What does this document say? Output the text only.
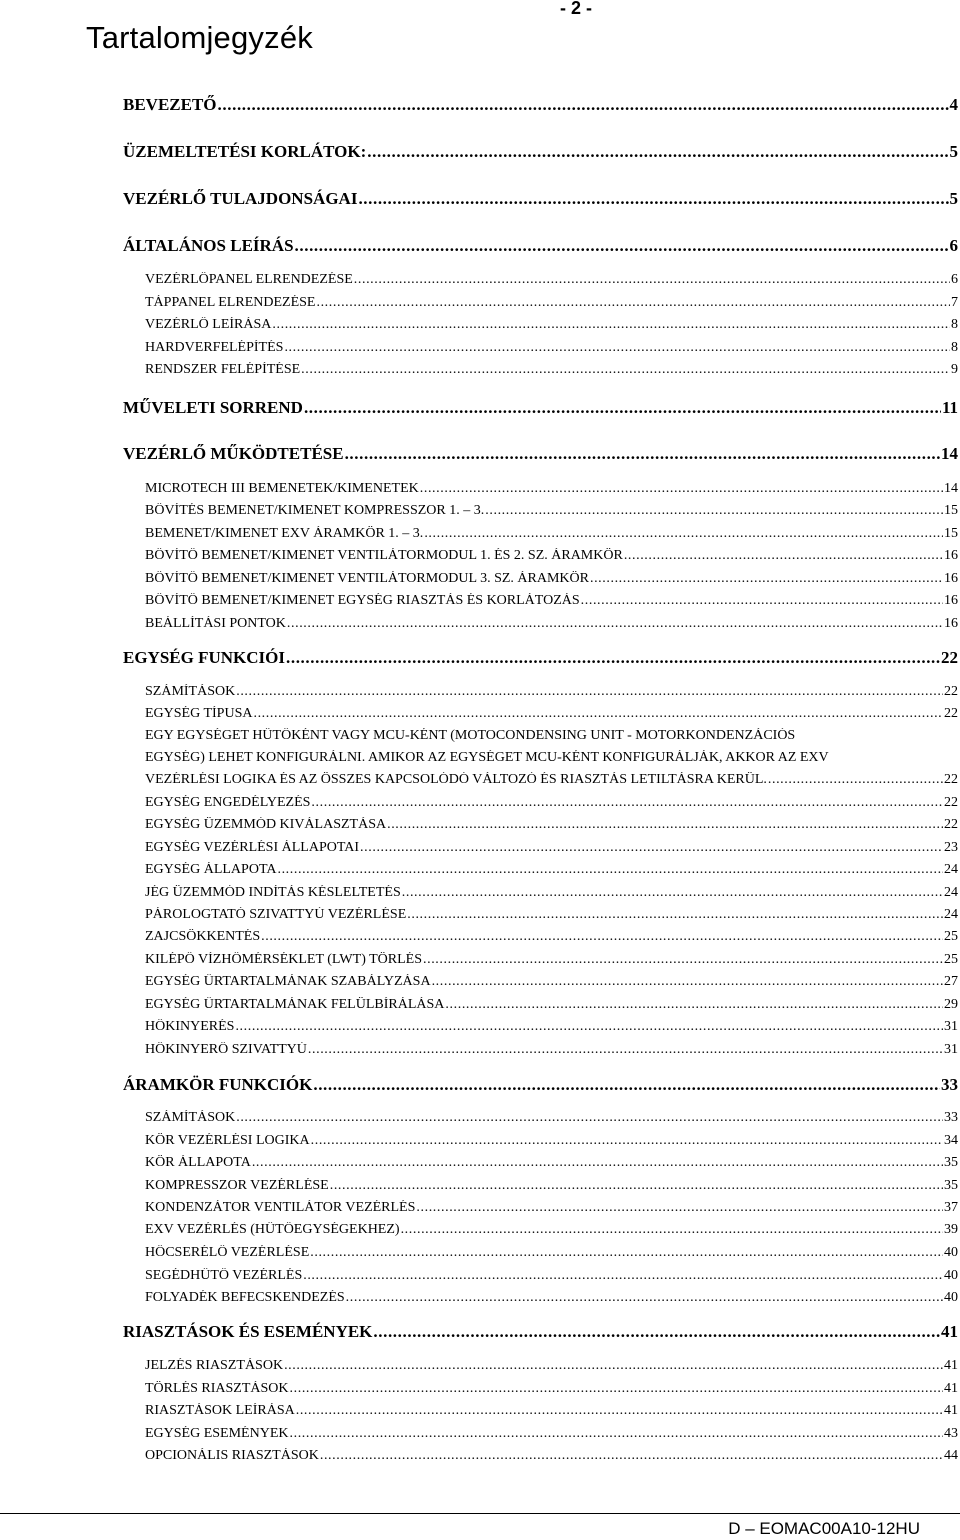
- 2 -
Tartalomjegyzék
BEVEZETŐ .....	4
ÜZEMELTETÉSI KORLÁTOK: .....	5
VEZÉRLŐ TULAJDONSÁGAI .....	5
ÁLTALÁNOS LEÍRÁS .....	6
VEZÉRLŐPANEL ELRENDEZÉSE .....	6
TÁPPANEL ELRENDEZÉSE .....	7
VEZÉRLŐ LEÍRÁSA .....	8
HARDVERFELÉPÍTÉS .....	8
RENDSZER FELÉPÍTÉSE .....	9
MŰVELETI SORREND .....	11
VEZÉRLŐ MŰKÖDTETÉSE .....	14
MICROTECH III BEMENETEK/KIMENETEK .....	14
BŐVÍTÉS BEMENET/KIMENET KOMPRESSZOR 1. – 3. .....	15
BEMENET/KIMENET EXV ÁRAMKÖR 1. – 3. .....	15
BŐVÍTŐ BEMENET/KIMENET VENTILÁTORMODUL 1. ÉS 2. SZ. ÁRAMKÖR .....	16
BŐVÍTŐ BEMENET/KIMENET VENTILÁTORMODUL 3. SZ. ÁRAMKÖR .....	16
BŐVÍTŐ BEMENET/KIMENET EGYSÉG RIASZTÁS ÉS KORLÁTOZÁS .....	16
BEÁLLÍTÁSI PONTOK .....	16
EGYSÉG FUNKCIÓI .....	22
SZÁMÍTÁSOK .....	22
EGYSÉG TÍPUSA .....	22
EGY EGYSÉGET HŰTŐKÉNT VAGY MCU-KÉNT (MOTOCONDENSING UNIT - MOTORKONDENZÁCIÓS
EGYSÉG) LEHET KONFIGURÁLNI. AMIKOR AZ EGYSÉGET MCU-KÉNT KONFIGURÁLJÁK, AKKOR AZ EXV
VEZÉRLÉSI LOGIKA ÉS AZ ÖSSZES KAPCSOLÓDÓ VÁLTOZÓ ÉS RIASZTÁS LETILTÁSRA KERÜL. .....	22
EGYSÉG ENGEDÉLYEZÉS .....	22
EGYSÉG ÜZEMMÓD KIVÁLASZTÁSA .....	22
EGYSÉG VEZÉRLÉSI ÁLLAPOTAI .....	23
EGYSÉG ÁLLAPOTA .....	24
JÉG ÜZEMMÓD INDÍTÁS KÉSLELTETÉS .....	24
PÁROLOGTATÓ SZIVATTYÚ VEZÉRLÉSE .....	24
ZAJCSÖKKENTÉS .....	25
KILÉPŐ VÍZHŐMÉRSÉKLET (LWT) TÖRLÉS .....	25
EGYSÉG ŰRTARTALMÁNAK SZABÁLYZÁSA .....	27
EGYSÉG ŰRTARTALMÁNAK FELÜLBÍRÁLÁSA .....	29
HŐKINYERÉS .....	31
HŐKINYERŐ SZIVATTYÚ .....	31
ÁRAMKÖR FUNKCIÓK .....	33
SZÁMÍTÁSOK .....	33
KÖR VEZÉRLÉSI LOGIKA .....	34
KÖR ÁLLAPOTA .....	35
KOMPRESSZOR VEZÉRLÉSE .....	35
KONDENZÁTOR VENTILÁTOR VEZÉRLÉS .....	37
EXV VEZÉRLÉS (HŰTŐEGYSÉGEKHEZ) .....	39
HŐCSERÉLŐ VEZÉRLÉSE .....	40
SEGÉDHŰTŐ VEZÉRLÉS .....	40
FOLYADÉK BEFECSKENDEZÉS .....	40
RIASZTÁSOK ÉS ESEMÉNYEK .....	41
JELZÉS RIASZTÁSOK .....	41
TÖRLÉS RIASZTÁSOK .....	41
RIASZTÁSOK LEÍRÁSA .....	41
EGYSÉG ESEMÉNYEK .....	43
OPCIONÁLIS RIASZTÁSOK .....	44
D – EOMAC00A10-12HU
